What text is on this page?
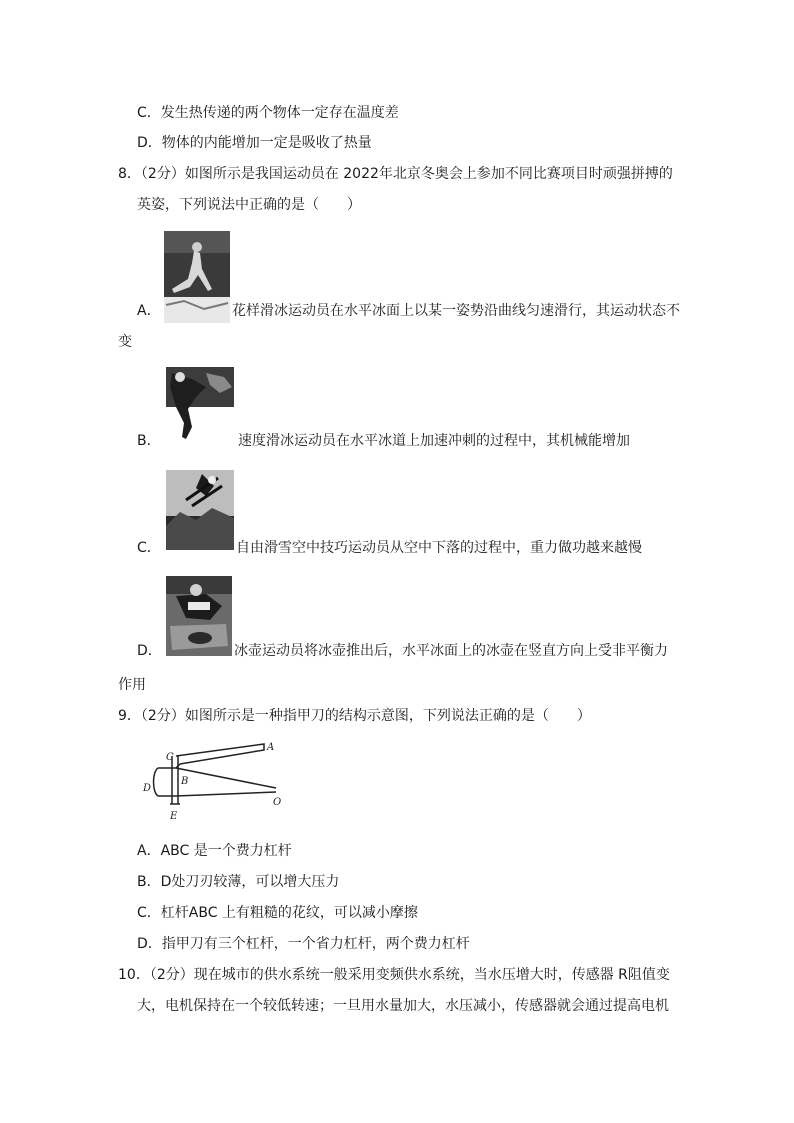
C．发生热传递的两个物体一定存在温度差
D．物体的内能增加一定是吸收了热量
8．（2分）如图所示是我国运动员在 2022年北京冬奥会上参加不同比赛项目时顽强拼搏的
英姿，下列说法中正确的是（　　）
A．	花样滑冰运动员在水平冰面上以某一姿势沿曲线匀速滑行，其运动状态不
变
B．	速度滑冰运动员在水平冰道上加速冲刺的过程中，其机械能增加
C．	自由滑雪空中技巧运动员从空中下落的过程中，重力做功越来越慢
D．	冰壶运动员将冰壶推出后，水平冰面上的冰壶在竖直方向上受非平衡力
作用
9．（2分）如图所示是一种指甲刀的结构示意图，下列说法正确的是（　　）
C
A
B
D
O
E
A．ABC 是一个费力杠杆
B．D处刀刃较薄，可以增大压力
C．杠杆ABC 上有粗糙的花纹，可以减小摩擦
D．指甲刀有三个杠杆，一个省力杠杆，两个费力杠杆
10．（2分）现在城市的供水系统一般采用变频供水系统，当水压增大时，传感器 R阻值变
大，电机保持在一个较低转速；一旦用水量加大，水压减小，传感器就会通过提高电机
